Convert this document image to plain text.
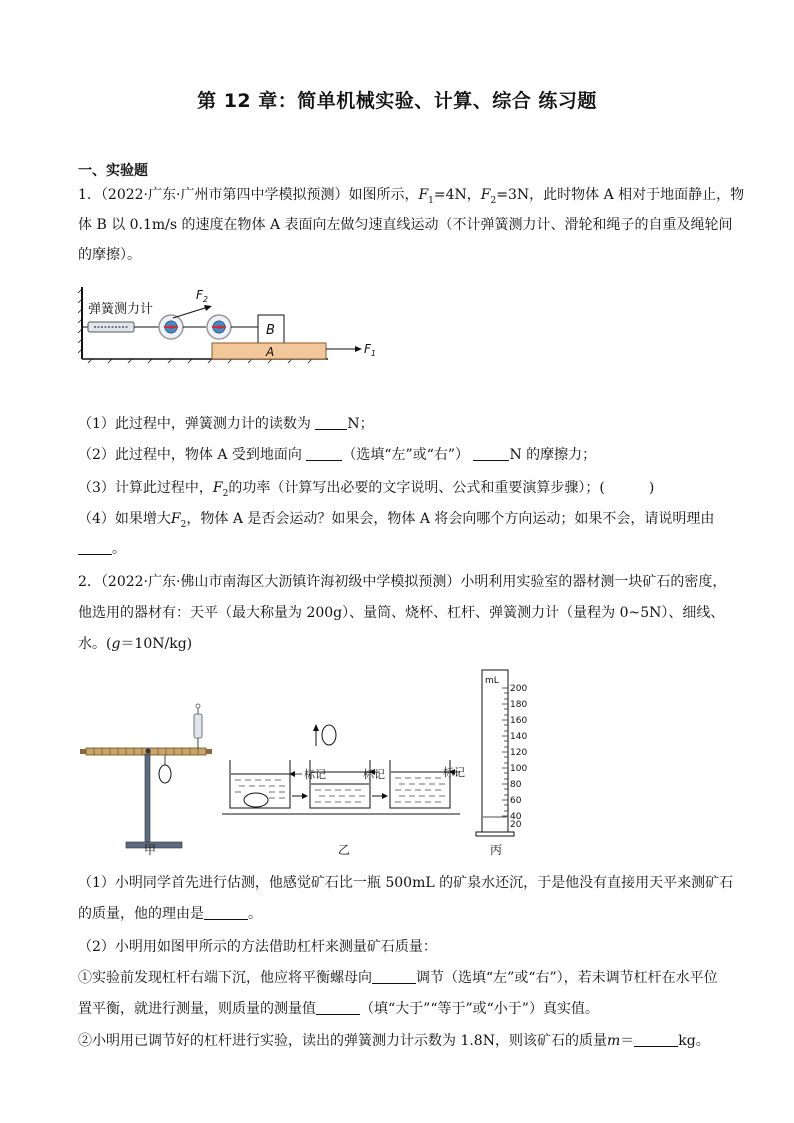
第 12 章：简单机械实验、计算、综合 练习题
一、实验题
1．（2022·广东·广州市第四中学模拟预测）如图所示，$F_1=4N$，$F_2=3N$，此时物体 A 相对于地面静止，物
体 B 以 0.1m/s 的速度在物体 A 表面向左做匀速直线运动（不计弹簧测力计、滑轮和绳子的自重及绳轮间
的摩擦）。
弹簧测力计
$F_2$
B
A	$F_1$
（1）此过程中，弹簧测力计的读数为	N；
（2）此过程中，物体 A 受到地面向	（选填“左”或“右”）	N 的摩擦力；
（3）计算此过程中，$F_2$的功率（计算写出必要的文字说明、公式和重要演算步骤）；(	)
（4）如果增大$F_2$，物体 A 是否会运动？如果会，物体 A 将会向哪个方向运动；如果不会，请说明理由
。
2．（2022·广东·佛山市南海区大沥镇许海初级中学模拟预测）小明利用实验室的器材测一块矿石的密度，
他选用的器材有：天平（最大称量为 200g）、量筒、烧杯、杠杆、弹簧测力计（量程为 0~5N）、细线、
水。(g＝10N/kg)
甲
标记	标记	标记
乙
mL
200
180
160
140
120
100
80
60
40
20
丙
（1）小明同学首先进行估测，他感觉矿石比一瓶 500mL 的矿泉水还沉，于是他没有直接用天平来测矿石
的质量，他的理由是	。
（2）小明用如图甲所示的方法借助杠杆来测量矿石质量：
①实验前发现杠杆右端下沉，他应将平衡螺母向	调节（选填“左”或“右”），若未调节杠杆在水平位
置平衡，就进行测量，则质量的测量值	（填“大于”“等于”或“小于”）真实值。
②小明用已调节好的杠杆进行实验，读出的弹簧测力计示数为 1.8N，则该矿石的质量m＝	kg。
